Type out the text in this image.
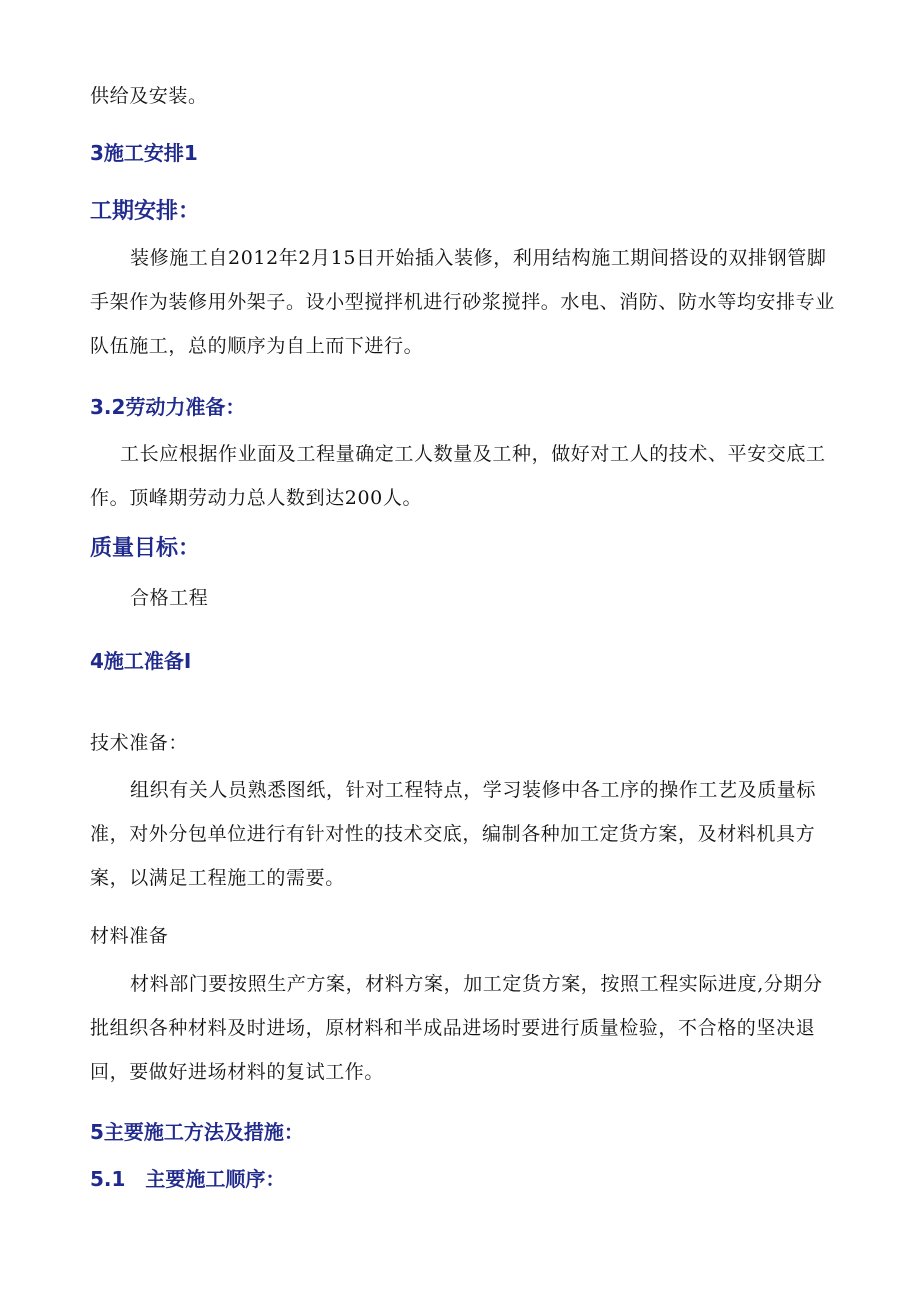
供给及安装。

3施工安排1
工期安排：

装修施工自2012年2月15日开始插入装修，利用结构施工期间搭设的双排钢管脚手架作为装修用外架子。设小型搅拌机进行砂浆搅拌。水电、消防、防水等均安排专业队伍施工，总的顺序为自上而下进行。

3.2劳动力准备：

工长应根据作业面及工程量确定工人数量及工种，做好对工人的技术、平安交底工作。顶峰期劳动力总人数到达200人。

质量目标：

合格工程

4施工准备I

技术准备：

组织有关人员熟悉图纸，针对工程特点，学习装修中各工序的操作工艺及质量标准，对外分包单位进行有针对性的技术交底，编制各种加工定货方案，及材料机具方案，以满足工程施工的需要。

材料准备

材料部门要按照生产方案，材料方案，加工定货方案，按照工程实际进度,分期分批组织各种材料及时进场，原材料和半成品进场时要进行质量检验，不合格的坚决退回，要做好进场材料的复试工作。

5主要施工方法及措施：
5.1　主要施工顺序：
